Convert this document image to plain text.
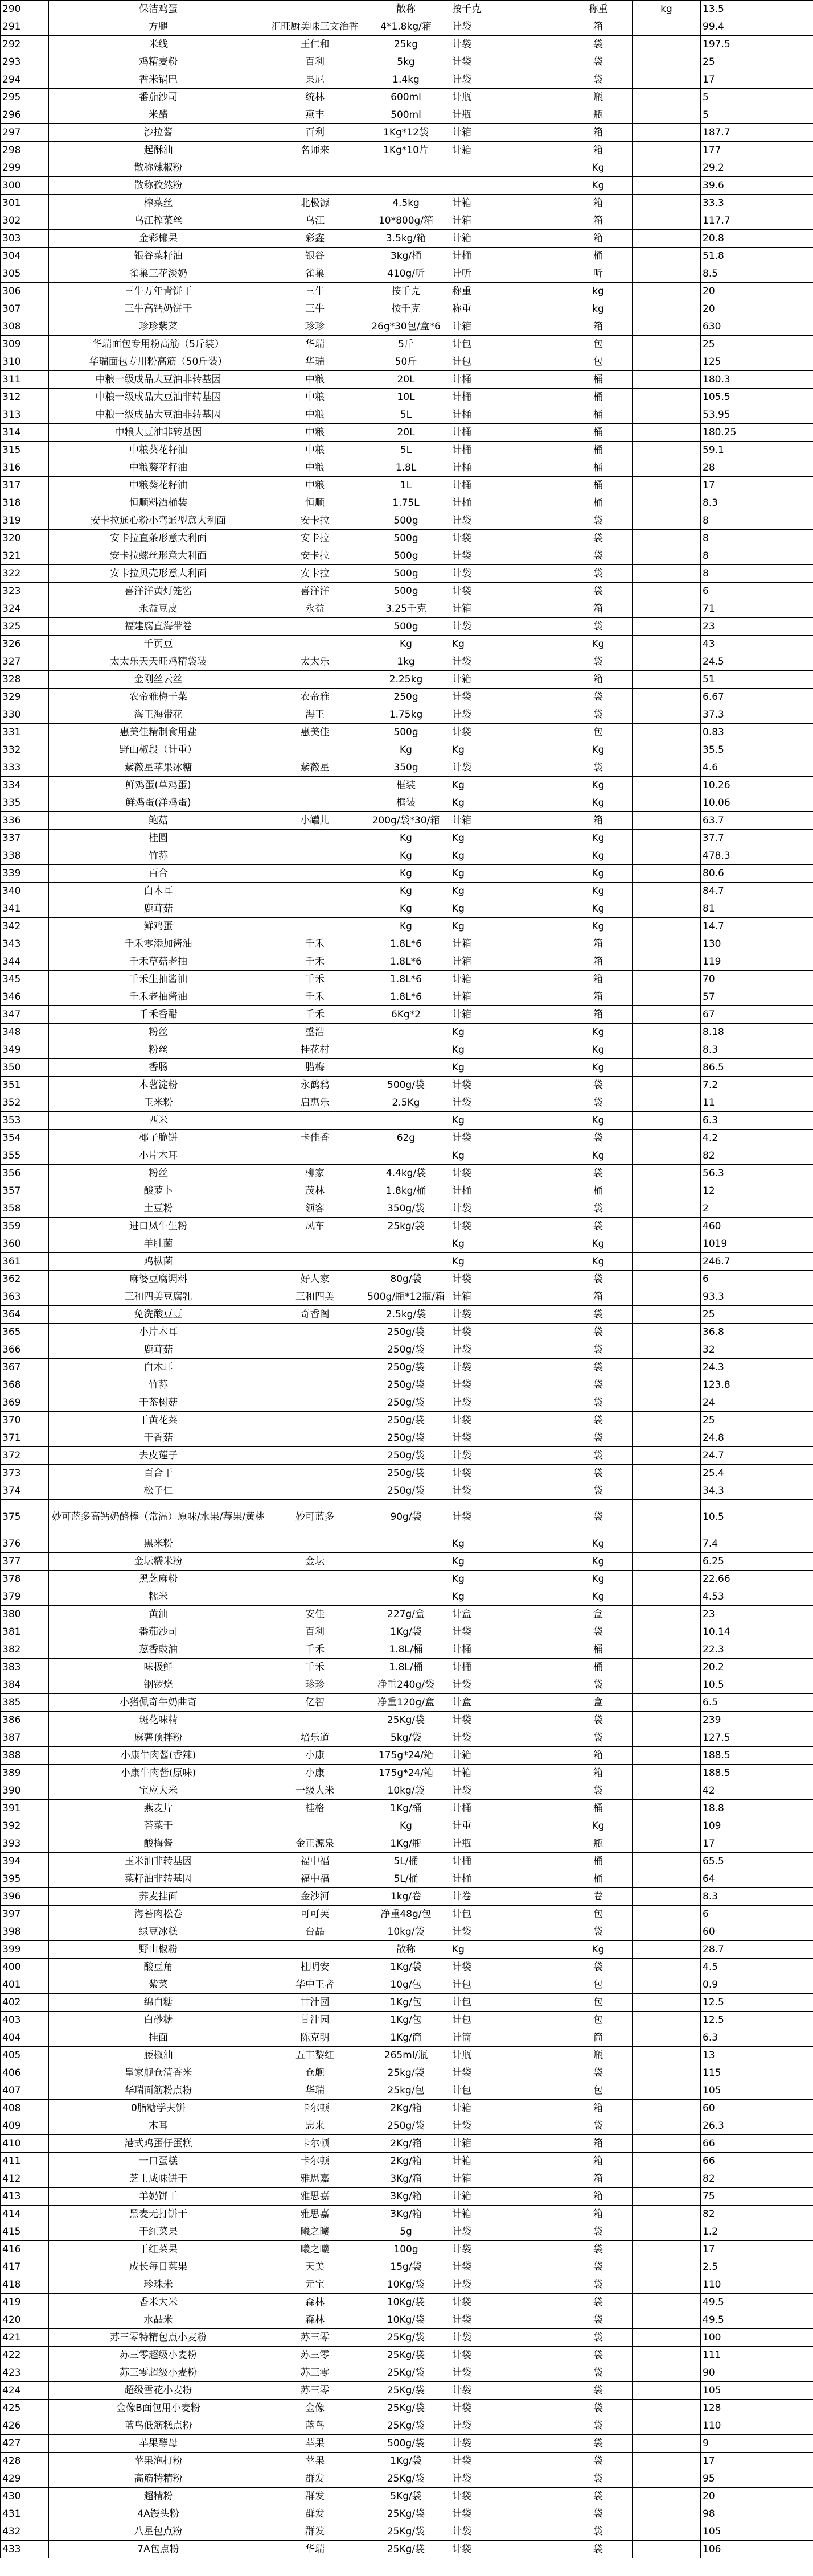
290	保洁鸡蛋		散称	按千克	称重	kg	13.5
291	方腿	汇旺厨美味三文治香	4*1.8kg/箱	计袋	箱		99.4
292	米线	王仁和	25kg	计袋	袋		197.5
293	鸡精麦粉	百利	5kg	计袋	袋		25
294	香米锅巴	果尼	1.4kg	计袋	袋		17
295	番茄沙司	统林	600ml	计瓶	瓶		5
296	米醋	燕丰	500ml	计瓶	瓶		5
297	沙拉酱	百利	1Kg*12袋	计箱	箱		187.7
298	起酥油	名师来	1Kg*10片	计箱	箱		177
299	散称辣椒粉				Kg		29.2
300	散称孜然粉				Kg		39.6
301	榨菜丝	北极源	4.5kg	计箱	箱		33.3
302	乌江榨菜丝	乌江	10*800g/箱	计箱	箱		117.7
303	金彩椰果	彩鑫	3.5kg/箱	计箱	箱		20.8
304	银谷菜籽油	银谷	3kg/桶	计桶	桶		51.8
305	雀巢三花淡奶	雀巢	410g/听	计听	听		8.5
306	三牛万年青饼干	三牛	按千克	称重	kg		20
307	三牛高钙奶饼干	三牛	按千克	称重	kg		20
308	珍珍紫菜	珍珍	26g*30包/盒*6	计箱	箱		630
309	华瑞面包专用粉高筋（5斤装）	华瑞	5斤	计包	包		25
310	华瑞面包专用粉高筋（50斤装）	华瑞	50斤	计包	包		125
311	中粮一级成品大豆油非转基因	中粮	20L	计桶	桶		180.3
312	中粮一级成品大豆油非转基因	中粮	10L	计桶	桶		105.5
313	中粮一级成品大豆油非转基因	中粮	5L	计桶	桶		53.95
314	中粮大豆油非转基因	中粮	20L	计桶	桶		180.25
315	中粮葵花籽油	中粮	5L	计桶	桶		59.1
316	中粮葵花籽油	中粮	1.8L	计桶	桶		28
317	中粮葵花籽油	中粮	1L	计桶	桶		17
318	恒顺料酒桶装	恒顺	1.75L	计桶	桶		8.3
319	安卡拉通心粉小弯通型意大利面	安卡拉	500g	计袋	袋		8
320	安卡拉直条形意大利面	安卡拉	500g	计袋	袋		8
321	安卡拉螺丝形意大利面	安卡拉	500g	计袋	袋		8
322	安卡拉贝壳形意大利面	安卡拉	500g	计袋	袋		8
323	喜洋洋黄灯笼酱	喜洋洋	500g	计袋	袋		6
324	永益豆皮	永益	3.25千克	计箱	箱		71
325	福建腐直海带卷		500g	计袋	袋		23
326	千页豆		Kg	Kg	Kg		43
327	太太乐天天旺鸡精袋装	太太乐	1kg	计袋	袋		24.5
328	金刚丝云丝		2.25kg	计箱	箱		51
329	农帝雅梅干菜	农帝雅	250g	计袋	袋		6.67
330	海王海带花	海王	1.75kg	计袋	袋		37.3
331	惠美佳精制食用盐	惠美佳	500g	计袋	包		0.83
332	野山椒段（计重）		Kg	Kg	Kg		35.5
333	紫薇星苹果冰糖	紫薇星	350g	计袋	袋		4.6
334	鲜鸡蛋(草鸡蛋)		框装	Kg	Kg		10.26
335	鲜鸡蛋(洋鸡蛋)		框装	Kg	Kg		10.06
336	鲍菇	小罐儿	200g/袋*30/箱	计箱	箱		63.7
337	桂圆		Kg	Kg	Kg		37.7
338	竹荪		Kg	Kg	Kg		478.3
339	百合		Kg	Kg	Kg		80.6
340	白木耳		Kg	Kg	Kg		84.7
341	鹿茸菇		Kg	Kg	Kg		81
342	鲜鸡蛋		Kg	Kg	Kg		14.7
343	千禾零添加酱油	千禾	1.8L*6	计箱	箱		130
344	千禾草菇老抽	千禾	1.8L*6	计箱	箱		119
345	千禾生抽酱油	千禾	1.8L*6	计箱	箱		70
346	千禾老抽酱油	千禾	1.8L*6	计箱	箱		57
347	千禾香醋	千禾	6Kg*2	计箱	箱		67
348	粉丝	盛浩		Kg	Kg		8.18
349	粉丝	桂花村		Kg	Kg		8.3
350	香肠	腊梅		Kg	Kg		86.5
351	木薯淀粉	永鹤鸦	500g/袋	计袋	袋		7.2
352	玉米粉	启惠乐	2.5Kg	计袋	袋		11
353	西米			Kg	Kg		6.3
354	椰子脆饼	卡佳香	62g	计袋	袋		4.2
355	小片木耳			Kg	Kg		82
356	粉丝	柳家	4.4kg/袋	计袋	袋		56.3
357	酸萝卜	茂林	1.8kg/桶	计桶	桶		12
358	土豆粉	领客	350g/袋	计袋	袋		2
359	进口凤牛生粉	凤车	25kg/袋	计袋	袋		460
360	羊肚菌			Kg	Kg		1019
361	鸡枞菌			Kg	Kg		246.7
362	麻婆豆腐调料	好人家	80g/袋	计袋	袋		6
363	三和四美豆腐乳	三和四美	500g/瓶*12瓶/箱	计箱	箱		93.3
364	免洗酸豆豆	奇香阁	2.5kg/袋	计袋	袋		25
365	小片木耳		250g/袋	计袋	袋		36.8
366	鹿茸菇		250g/袋	计袋	袋		32
367	白木耳		250g/袋	计袋	袋		24.3
368	竹荪		250g/袋	计袋	袋		123.8
369	干茶树菇		250g/袋	计袋	袋		24
370	干黄花菜		250g/袋	计袋	袋		25
371	干香菇		250g/袋	计袋	袋		24.8
372	去皮莲子		250g/袋	计袋	袋		24.7
373	百合干		250g/袋	计袋	袋		25.4
374	松子仁		250g/袋	计袋	袋		34.3
375	妙可蓝多高钙奶酪棒（常温）原味/水果/莓果/黄桃	妙可蓝多	90g/袋	计袋	袋		10.5
376	黑米粉			Kg	Kg		7.4
377	金坛糯米粉	金坛		Kg	Kg		6.25
378	黑芝麻粉			Kg	Kg		22.66
379	糯米			Kg	Kg		4.53
380	黄油	安佳	227g/盒	计盒	盒		23
381	番茄沙司	百利	1Kg/袋	计袋	袋		10.14
382	葱香豉油	千禾	1.8L/桶	计桶	桶		22.3
383	味极鲜	千禾	1.8L/桶	计桶	桶		20.2
384	钢锣烧	珍珍	净重240g/袋	计袋	袋		10.5
385	小猪佩奇牛奶曲奇	亿智	净重120g/盒	计盒	盒		6.5
386	斑花味精		25Kg/袋	计袋	袋		239
387	麻薯预拌粉	培乐道	5kg/袋	计袋	袋		127.5
388	小康牛肉酱(香辣)	小康	175g*24/箱	计箱	箱		188.5
389	小康牛肉酱(原味)	小康	175g*24/箱	计箱	箱		188.5
390	宝应大米	一级大米	10kg/袋	计袋	袋		42
391	燕麦片	桂格	1Kg/桶	计桶	桶		18.8
392	苔菜干		Kg	计重	Kg		109
393	酸梅酱	金正源泉	1Kg/瓶	计瓶	瓶		17
394	玉米油非转基因	福中福	5L/桶	计桶	桶		65.5
395	菜籽油非转基因	福中福	5L/桶	计桶	桶		64
396	荞麦挂面	金沙河	1kg/卷	计卷	卷		8.3
397	海苔肉松卷	可可芙	净重48g/包	计包	包		6
398	绿豆冰糕	台晶	10kg/袋	计袋	袋		60
399	野山椒粉		散称	Kg	Kg		28.7
400	酸豆角	杜明安	1Kg/袋	计袋	袋		4.5
401	紫菜	华中王者	10g/包	计包	包		0.9
402	绵白糖	甘汁园	1Kg/包	计包	包		12.5
403	白砂糖	甘汁园	1Kg/包	计包	包		12.5
404	挂面	陈克明	1Kg/筒	计筒	筒		6.3
405	藤椒油	五丰黎红	265ml/瓶	计瓶	瓶		13
406	皇家舰仓清香米	仓舰	25kg/袋	计袋	袋		115
407	华瑞面筋粉点粉	华瑞	25kg/包	计包	包		105
408	0脂糖学夫饼	卡尔顿	2Kg/箱	计箱	箱		60
409	木耳	忠来	250g/袋	计袋	袋		26.3
410	港式鸡蛋仔蛋糕	卡尔顿	2Kg/箱	计箱	箱		66
411	一口蛋糕	卡尔顿	2Kg/箱	计箱	箱		66
412	芝士咸味饼干	雅思嘉	3Kg/箱	计箱	箱		82
413	羊奶饼干	雅思嘉	3Kg/箱	计箱	箱		75
414	黑麦无打饼干	雅思嘉	3Kg/箱	计箱	箱		82
415	干红菜果	曦之曦	5g	计袋	袋		1.2
416	干红菜果	曦之曦	100g	计袋	袋		17
417	成长每日菜果	天美	15g/袋	计袋	袋		2.5
418	珍珠米	元宝	10Kg/袋	计袋	袋		110
419	香米大米	森林	10Kg/袋	计袋	袋		49.5
420	水晶米	森林	10Kg/袋	计袋	袋		49.5
421	苏三零特精包点小麦粉	苏三零	25Kg/袋	计袋	袋		100
422	苏三零超级小麦粉	苏三零	25Kg/袋	计袋	袋		111
423	苏三零超级小麦粉	苏三零	25Kg/袋	计袋	袋		90
424	超级雪花小麦粉	苏三零	25Kg/袋	计袋	袋		105
425	金像B面包用小麦粉	金像	25Kg/袋	计袋	袋		128
426	蓝鸟低筋糕点粉	蓝鸟	25Kg/袋	计袋	袋		110
427	苹果酵母	苹果	500g/袋	计袋	袋		9
428	苹果泡打粉	苹果	1Kg/袋	计袋	袋		17
429	高筋特精粉	群发	25Kg/袋	计袋	袋		95
430	超精粉	群发	5Kg/袋	计袋	袋		20
431	4A馒头粉	群发	25Kg/袋	计袋	袋		98
432	八星包点粉	群发	25Kg/袋	计袋	袋		105
433	7A包点粉	华瑞	25Kg/袋	计袋	袋		106
